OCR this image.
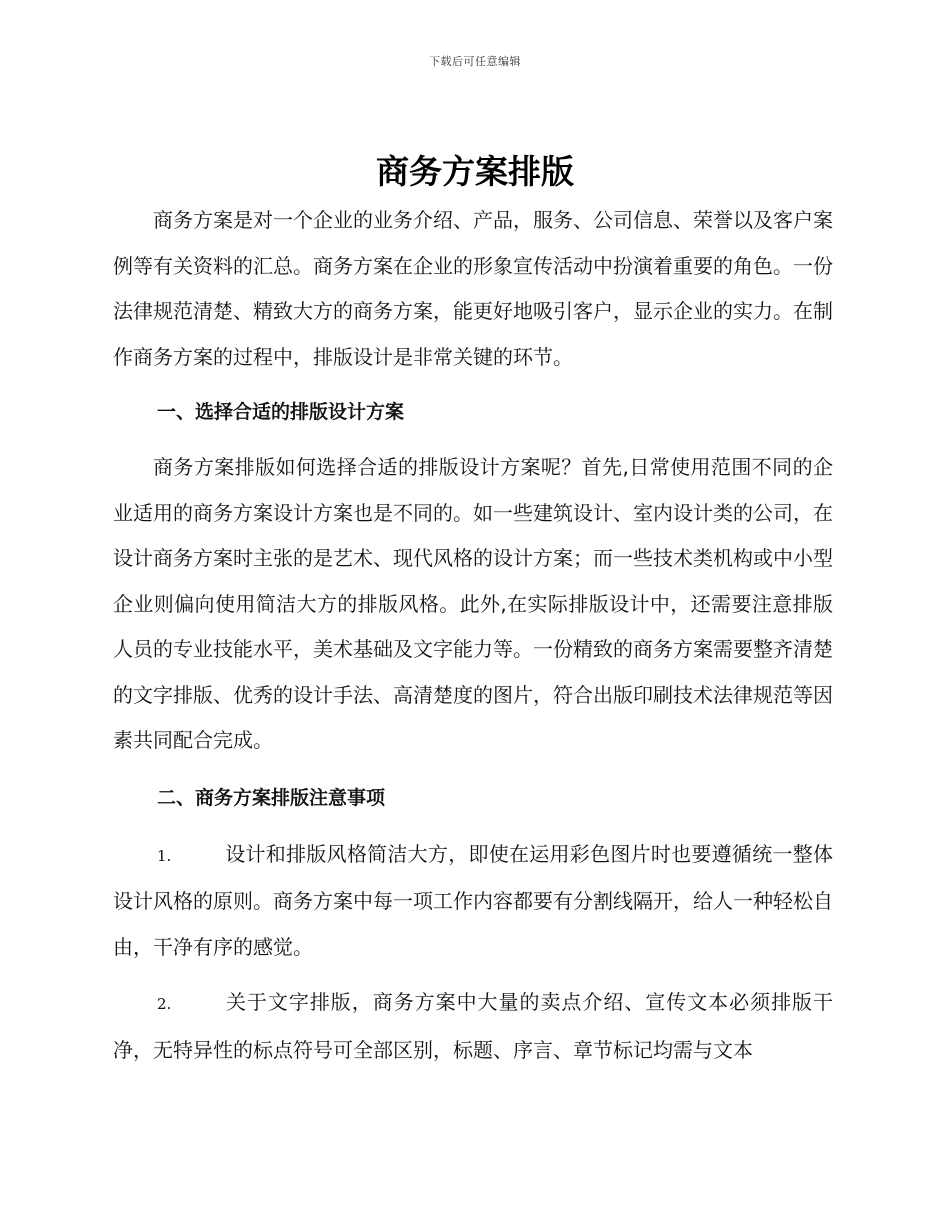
下载后可任意编辑
商务方案排版

商务方案是对一个企业的业务介绍、产品，服务、公司信息、荣誉以及客户案例等有关资料的汇总。商务方案在企业的形象宣传活动中扮演着重要的角色。一份法律规范清楚、精致大方的商务方案，能更好地吸引客户，显示企业的实力。在制作商务方案的过程中，排版设计是非常关键的环节。

一、选择合适的排版设计方案

商务方案排版如何选择合适的排版设计方案呢？首先,日常使用范围不同的企业适用的商务方案设计方案也是不同的。如一些建筑设计、室内设计类的公司，在设计商务方案时主张的是艺术、现代风格的设计方案；而一些技术类机构或中小型企业则偏向使用简洁大方的排版风格。此外,在实际排版设计中，还需要注意排版人员的专业技能水平，美术基础及文字能力等。一份精致的商务方案需要整齐清楚的文字排版、优秀的设计手法、高清楚度的图片，符合出版印刷技术法律规范等因素共同配合完成。

二、商务方案排版注意事项

1.	设计和排版风格简洁大方，即使在运用彩色图片时也要遵循统一整体设计风格的原则。商务方案中每一项工作内容都要有分割线隔开，给人一种轻松自由，干净有序的感觉。

2.	关于文字排版，商务方案中大量的卖点介绍、宣传文本必须排版干净，无特异性的标点符号可全部区别，标题、序言、章节标记均需与文本
